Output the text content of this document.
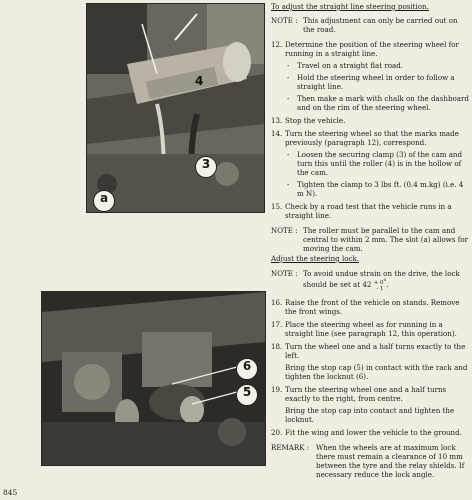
4
3
a
6
5

To adjust the straight line steering position.

NOTE : This adjustment can only be carried out on the road.
12. Determine the position of the steering wheel for running in a straight line.
- Travel on a straight flat road.
- Hold the steering wheel in order to follow a straight line.
- Then make a mark with chalk on the dashboard and on the rim of the steering wheel.
13. Stop the vehicle.
14. Turn the steering wheel so that the marks made previously (paragraph 12), correspond.
- Loosen the securing clamp (3) of the cam and turn this until the roller (4) is in the hollow of the cam.
- Tighten the clamp to 3 lbs ft. (0.4 m.kg) (i.e. 4 m N).
15. Check by a road test that the vehicle runs in a straight line.
NOTE : The roller must be parallel to the cam and central to within 2 mm. The slot (a) allows for moving the cam.

Adjust the steering lock.

NOTE : To avoid undue strain on the drive, the lock
should be set at $42 + 0^o$
- 1 .
16. Raise the front of the vehicle on stands. Remove the front wings.
17. Place the steering wheel as for running in a straight line (see paragraph 12, this operation).
18. Turn the wheel one and a half turns exactly to the left.

Bring the stop cap (5) in contact with the rack and tighten the locknut (6).

19. Turn the steering wheel one and a half turns exactly to the right, from centre.

Bring the stop cap into contact and tighten the locknut.

20. Fit the wing and lower the vehicle to the ground.
REMARK : When the wheels are at maximum lock there must remain a clearance of 10 mm between the tyre and the relay shields. If necessary reduce the lock angle.
845
